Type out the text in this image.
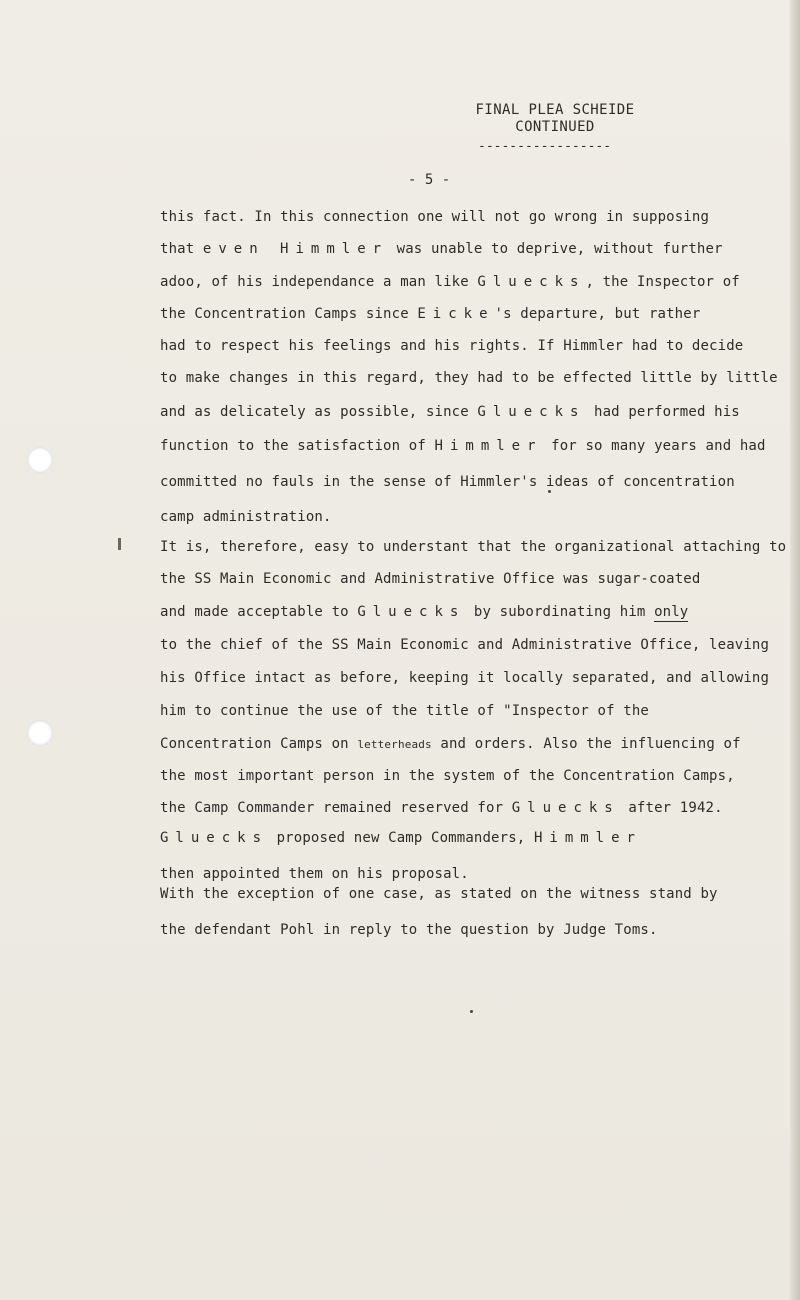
FINAL PLEA SCHEIDE
CONTINUED
-----------------
- 5 -
this fact. In this connection one will not go wrong in supposing
that even Himmler was unable to deprive, without further
adoo, of his independance a man like Gluecks, the Inspector of
the Concentration Camps since Eicke's departure, but rather
had to respect his feelings and his rights. If Himmler had to decide
to make changes in this regard, they had to be effected little by little
and as delicately as possible, since Gluecks had performed his
function to the satisfaction of Himmler for so many years and had
committed no fauls in the sense of Himmler's ideas of concentration
camp administration.
It is, therefore, easy to understant that the organizational attaching to
the SS Main Economic and Administrative Office was sugar-coated
and made acceptable to Gluecks by subordinating him only
to the chief of the SS Main Economic and Administrative Office, leaving
his Office intact as before, keeping it locally separated, and allowing
him to continue the use of the title of "Inspector of the
Concentration Camps on letterheads and orders. Also the influencing of
the most important person in the system of the Concentration Camps,
the Camp Commander remained reserved for Gluecks after 1942.
Gluecks proposed new Camp Commanders, Himmler
then appointed them on his proposal.
With the exception of one case, as stated on the witness stand by
the defendant Pohl in reply to the question by Judge Toms.
